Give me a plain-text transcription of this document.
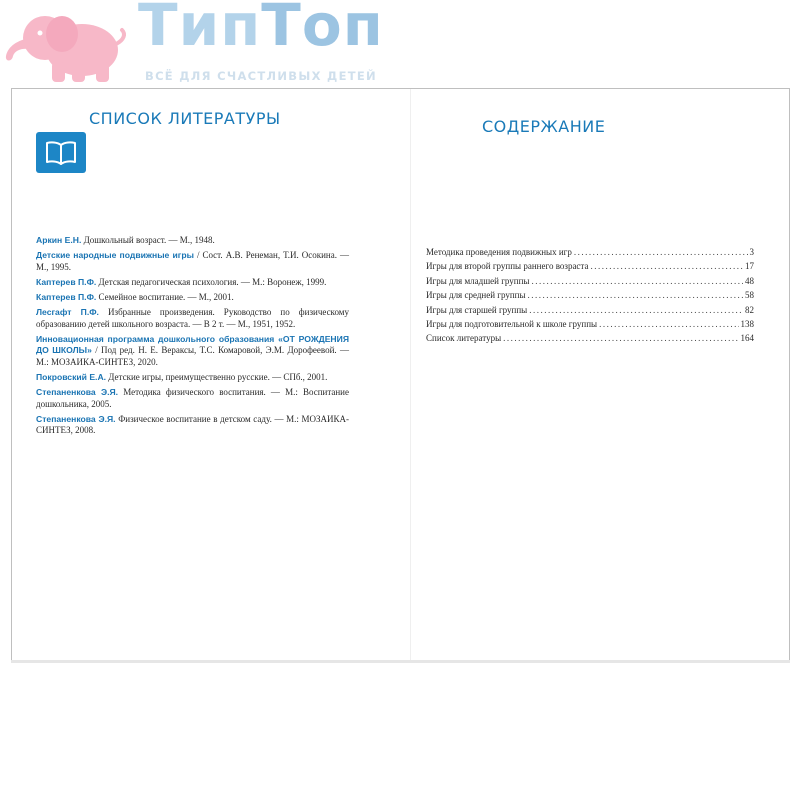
ТипТоп
ВСЁ ДЛЯ СЧАСТЛИВЫХ ДЕТЕЙ
СПИСОК ЛИТЕРАТУРЫ

Аркин Е.Н. Дошкольный возраст. — М., 1948.

Детские народные подвижные игры / Сост. А.В. Ренеман, Т.И. Осокина. — М., 1995.

Каптерев П.Ф. Детская педагогическая психология. — М.: Воронеж, 1999.

Каптерев П.Ф. Семейное воспитание. — М., 2001.

Лесгафт П.Ф. Избранные произведения. Руководство по физическому образованию детей школьного возраста. — В 2 т. — М., 1951, 1952.

Инновационная программа дошкольного образования «ОТ РОЖДЕНИЯ ДО ШКОЛЫ» / Под ред. Н. Е. Вераксы, Т.С. Комаровой, Э.М. Дорофеевой. — М.: МОЗАИКА-СИНТЕЗ, 2020.

Покровский Е.А. Детские игры, преимущественно русские. — СПб., 2001.

Степаненкова Э.Я. Методика физического воспитания. — М.: Воспитание дошкольника, 2005.

Степаненкова Э.Я. Физическое воспитание в детском саду. — М.: МОЗАИКА-СИНТЕЗ, 2008.

СОДЕРЖАНИЕ
Методика проведения подвижных игр .....	3
Игры для второй группы раннего возраста .....	17
Игры для младшей группы .....	48
Игры для средней группы .....	58
Игры для старшей группы .....	82
Игры для подготовительной к школе группы .....	138
Список литературы .....	164
